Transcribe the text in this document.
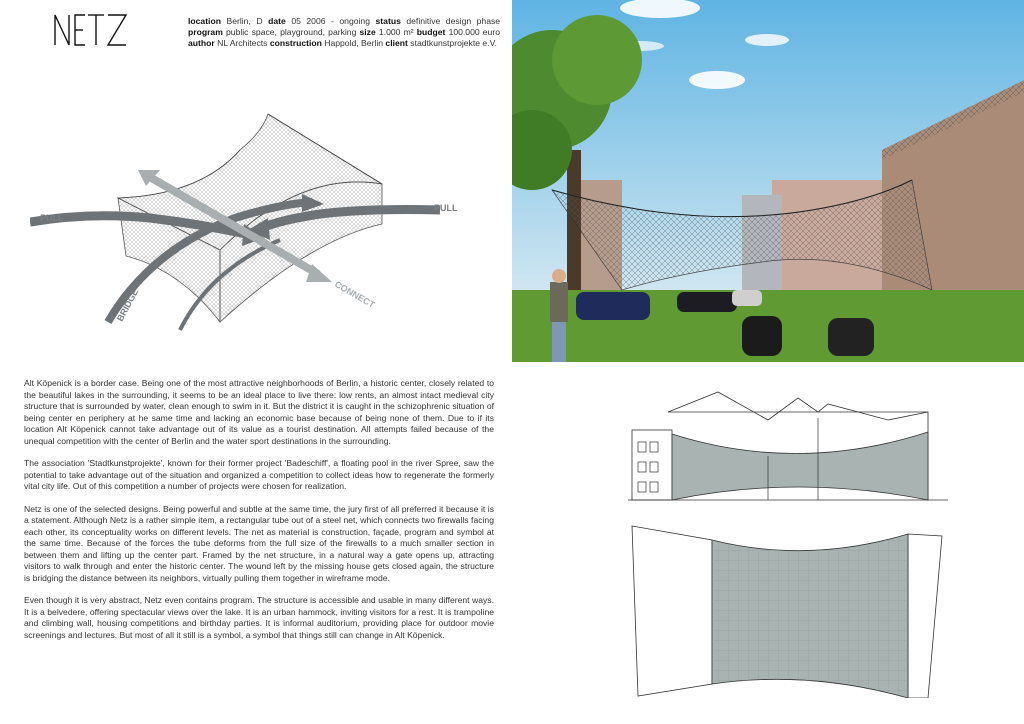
location Berlin, D date 05 2006 - ongoing status definitive design phase program public space, playground, parking size 1.000 m² budget 100.000 euro author NL Architects construction Happold, Berlin client stadtkunstprojekte e.V.
PULL
PULL
BRIDGE	CONNECT

Alt Köpenick is a border case. Being one of the most attractive neighborhoods of Berlin, a historic center, closely related to the beautiful lakes in the surrounding, it seems to be an ideal place to live there: low rents, an almost intact medieval city structure that is surrounded by water, clean enough to swim in it. But the district it is caught in the schizophrenic situation of being center en periphery at he same time and lacking an economic base because of being none of them. Due to if its location Alt Köpenick cannot take advantage out of its value as a tourist destination. All attempts failed because of the unequal competition with the center of Berlin and the water sport destinations in the surrounding.

The association 'Stadtkunstprojekte', known for their former project 'Badeschiff', a floating pool in the river Spree, saw the potential to take advantage out of the situation and organized a competition to collect ideas how to regenerate the formerly vital city life. Out of this competition a number of projects were chosen for realization.

Netz is one of the selected designs. Being powerful and subtle at the same time, the jury first of all preferred it because it is a statement. Although Netz is a rather simple item, a rectangular tube out of a steel net, which connects two firewalls facing each other, its conceptuality works on different levels. The net as material is construction, façade, program and symbol at the same time. Because of the forces the tube deforms from the full size of the firewalls to a much smaller section in between them and lifting up the center part. Framed by the net structure, in a natural way a gate opens up, attracting visitors to walk through and enter the historic center. The wound left by the missing house gets closed again, the structure is bridging the distance between its neighbors, virtually pulling them together in wireframe mode.

Even though it is very abstract, Netz even contains program. The structure is accessible and usable in many different ways. It is a belvedere, offering spectacular views over the lake. It is an urban hammock, inviting visitors for a rest. It is trampoline and climbing wall, housing competitions and birthday parties. It is informal auditorium, providing place for outdoor movie screenings and lectures. But most of all it still is a symbol, a symbol that things still can change in Alt Köpenick.
